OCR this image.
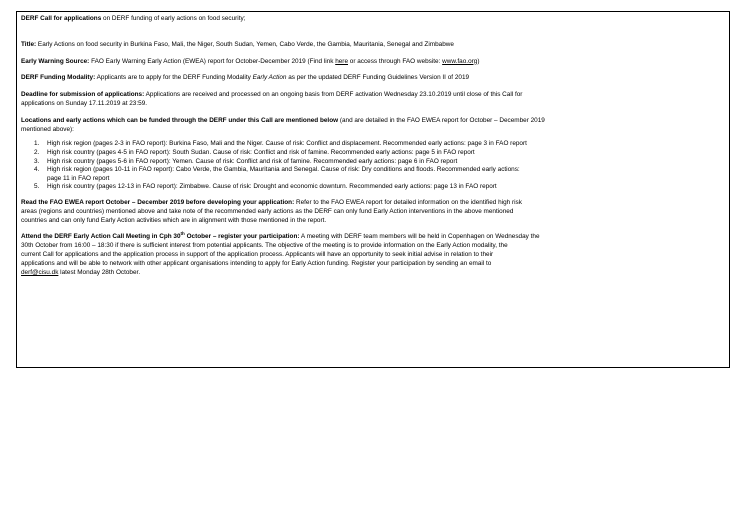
DERF Call for applications on DERF funding of early actions on food security;

Title: Early Actions on food security in Burkina Faso, Mali, the Niger, South Sudan, Yemen, Cabo Verde, the Gambia, Mauritania, Senegal and Zimbabwe

Early Warning Source: FAO Early Warning Early Action (EWEA) report for October-December 2019 (Find link here or access through FAO website: www.fao.org)

DERF Funding Modality: Applicants are to apply for the DERF Funding Modality Early Action as per the updated DERF Funding Guidelines Version II of 2019

Deadline for submission of applications: Applications are received and processed on an ongoing basis from DERF activation Wednesday 23.10.2019 until close of this Call for
applications on Sunday 17.11.2019 at 23:59.

Locations and early actions which can be funded through the DERF under this Call are mentioned below (and are detailed in the FAO EWEA report for October – December 2019
mentioned above):

1.	High risk region (pages 2-3 in FAO report): Burkina Faso, Mali and the Niger. Cause of risk: Conflict and displacement. Recommended early actions: page 3 in FAO report
2.	High risk country (pages 4-5 in FAO report): South Sudan. Cause of risk: Conflict and risk of famine. Recommended early actions: page 5 in FAO report
3.	High risk country (pages 5-6 in FAO report): Yemen. Cause of risk: Conflict and risk of famine. Recommended early actions: page 6 in FAO report
4.	High risk region (pages 10-11 in FAO report): Cabo Verde, the Gambia, Mauritania and Senegal. Cause of risk: Dry conditions and floods. Recommended early actions:
page 11 in FAO report
5.	High risk country (pages 12-13 in FAO report): Zimbabwe. Cause of risk: Drought and economic downturn. Recommended early actions: page 13 in FAO report

Read the FAO EWEA report October – December 2019 before developing your application: Refer to the FAO EWEA report for detailed information on the identified high risk
areas (regions and countries) mentioned above and take note of the recommended early actions as the DERF can only fund Early Action interventions in the above mentioned
countries and can only fund Early Action activities which are in alignment with those mentioned in the report.

Attend the DERF Early Action Call Meeting in Cph 30th October – register your participation: A meeting with DERF team members will be held in Copenhagen on Wednesday the
30th October from 16:00 – 18:30 if there is sufficient interest from potential applicants. The objective of the meeting is to provide information on the Early Action modality, the
current Call for applications and the application process in support of the application process. Applicants will have an opportunity to seek initial advise in relation to their
applications and will be able to network with other applicant organisations intending to apply for Early Action funding. Register your participation by sending an email to
derf@cisu.dk latest Monday 28th October.
